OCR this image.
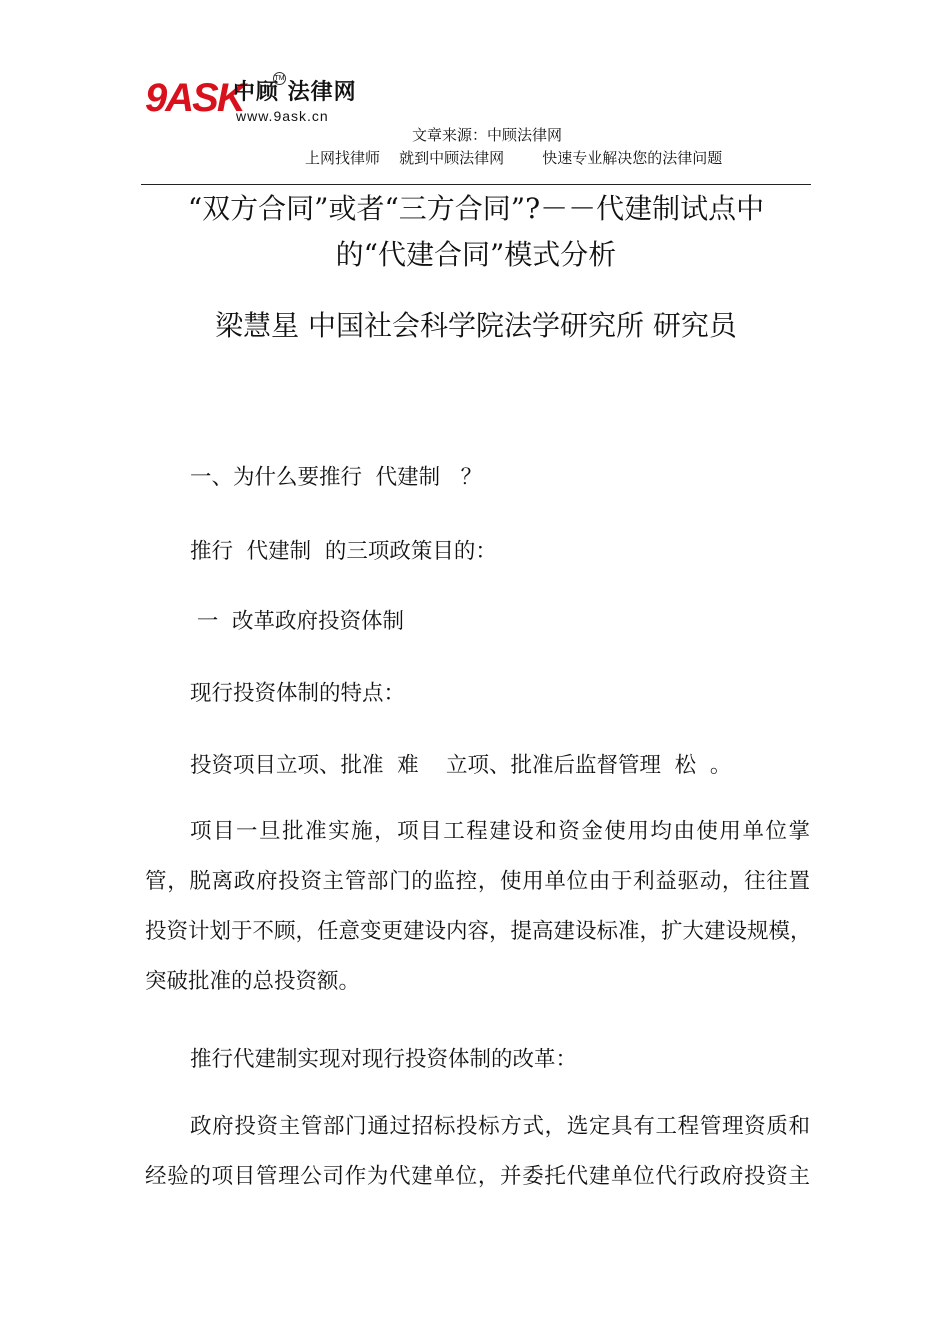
9ASK
中顾 法律网
TM
www.9ask.cn
文章来源：中顾法律网
上网找律师    就到中顾法律网        快速专业解决您的法律问题
“双方合同”或者“三方合同”?－－代建制试点中
的“代建合同”模式分析
梁慧星 中国社会科学院法学研究所 研究员
一、为什么要推行  代建制   ？
推行  代建制  的三项政策目的：
一  改革政府投资体制
现行投资体制的特点：
投资项目立项、批准  难    立项、批准后监督管理  松  。
项目一旦批准实施，项目工程建设和资金使用均由使用单位掌
管，脱离政府投资主管部门的监控，使用单位由于利益驱动，往往置
投资计划于不顾，任意变更建设内容，提高建设标准，扩大建设规模，
突破批准的总投资额。
推行代建制实现对现行投资体制的改革：
政府投资主管部门通过招标投标方式，选定具有工程管理资质和
经验的项目管理公司作为代建单位，并委托代建单位代行政府投资主
